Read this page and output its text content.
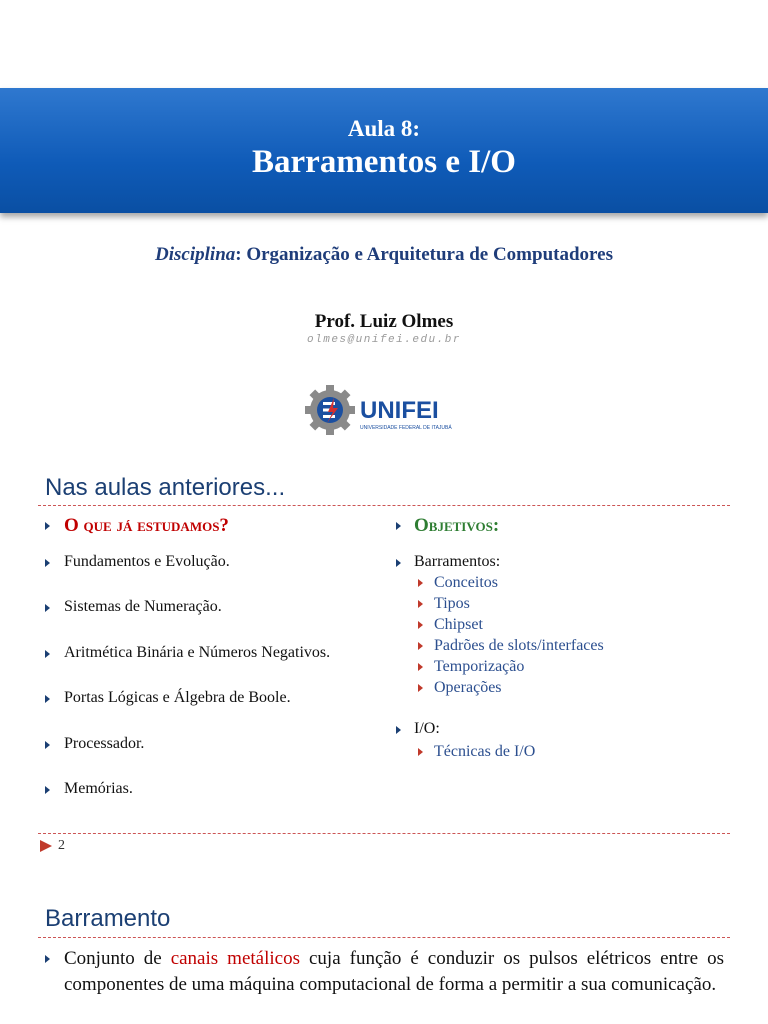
Aula 8:
Barramentos e I/O
Disciplina: Organização e Arquitetura de Computadores
Prof. Luiz Olmes
olmes@unifei.edu.br
UNIFEI
UNIVERSIDADE FEDERAL DE ITAJUBÁ
Nas aulas anteriores...
O que já estudamos?	Objetivos:
Fundamentos e Evolução.
Sistemas de Numeração.
Aritmética Binária e Números Negativos.
Portas Lógicas e Álgebra de Boole.
Processador.
Memórias.
Barramentos:
Conceitos
Tipos
Chipset
Padrões de slots/interfaces
Temporização
Operações
I/O:
Técnicas de I/O
2
Barramento
Conjunto de canais metálicos cuja função é conduzir os pulsos elétricos entre os componentes de uma máquina computacional de forma a permitir a sua comunicação.
